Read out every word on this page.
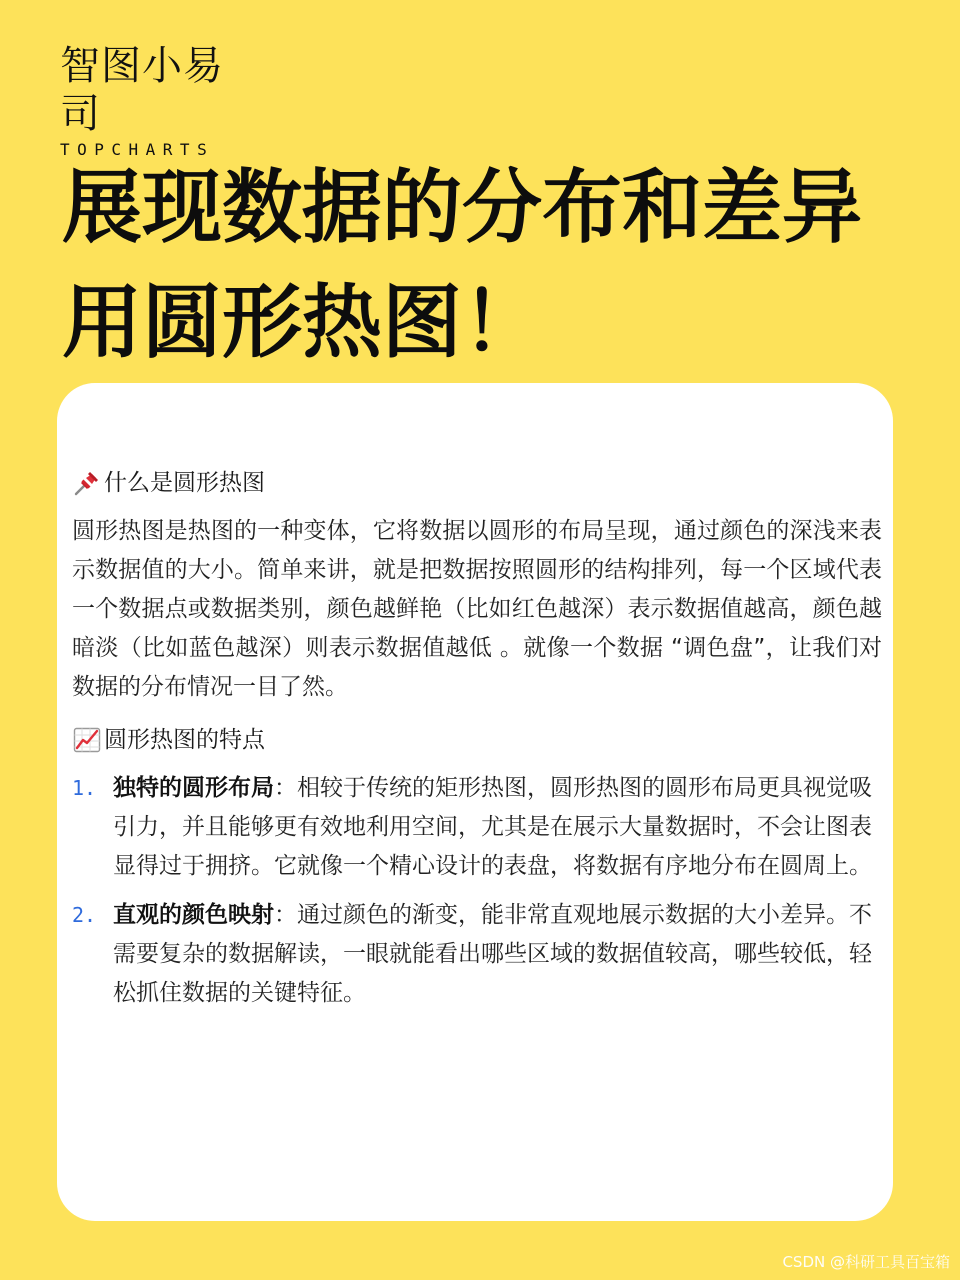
智图小易司
TOPCHARTS
展现数据的分布和差异
用圆形热图！
什么是圆形热图

圆形热图是热图的一种变体，它将数据以圆形的布局呈现，通过颜色的深浅来表示数据值的大小。简单来讲，就是把数据按照圆形的结构排列，每一个区域代表一个数据点或数据类别，颜色越鲜艳（比如红色越深）表示数据值越高，颜色越暗淡（比如蓝色越深）则表示数据值越低 。就像一个数据 “调色盘”，让我们对数据的分布情况一目了然。

圆形热图的特点
1. 独特的圆形布局：相较于传统的矩形热图，圆形热图的圆形布局更具视觉吸引力，并且能够更有效地利用空间，尤其是在展示大量数据时，不会让图表显得过于拥挤。它就像一个精心设计的表盘，将数据有序地分布在圆周上。
2. 直观的颜色映射：通过颜色的渐变，能非常直观地展示数据的大小差异。不需要复杂的数据解读，一眼就能看出哪些区域的数据值较高，哪些较低，轻松抓住数据的关键特征。
CSDN @科研工具百宝箱
